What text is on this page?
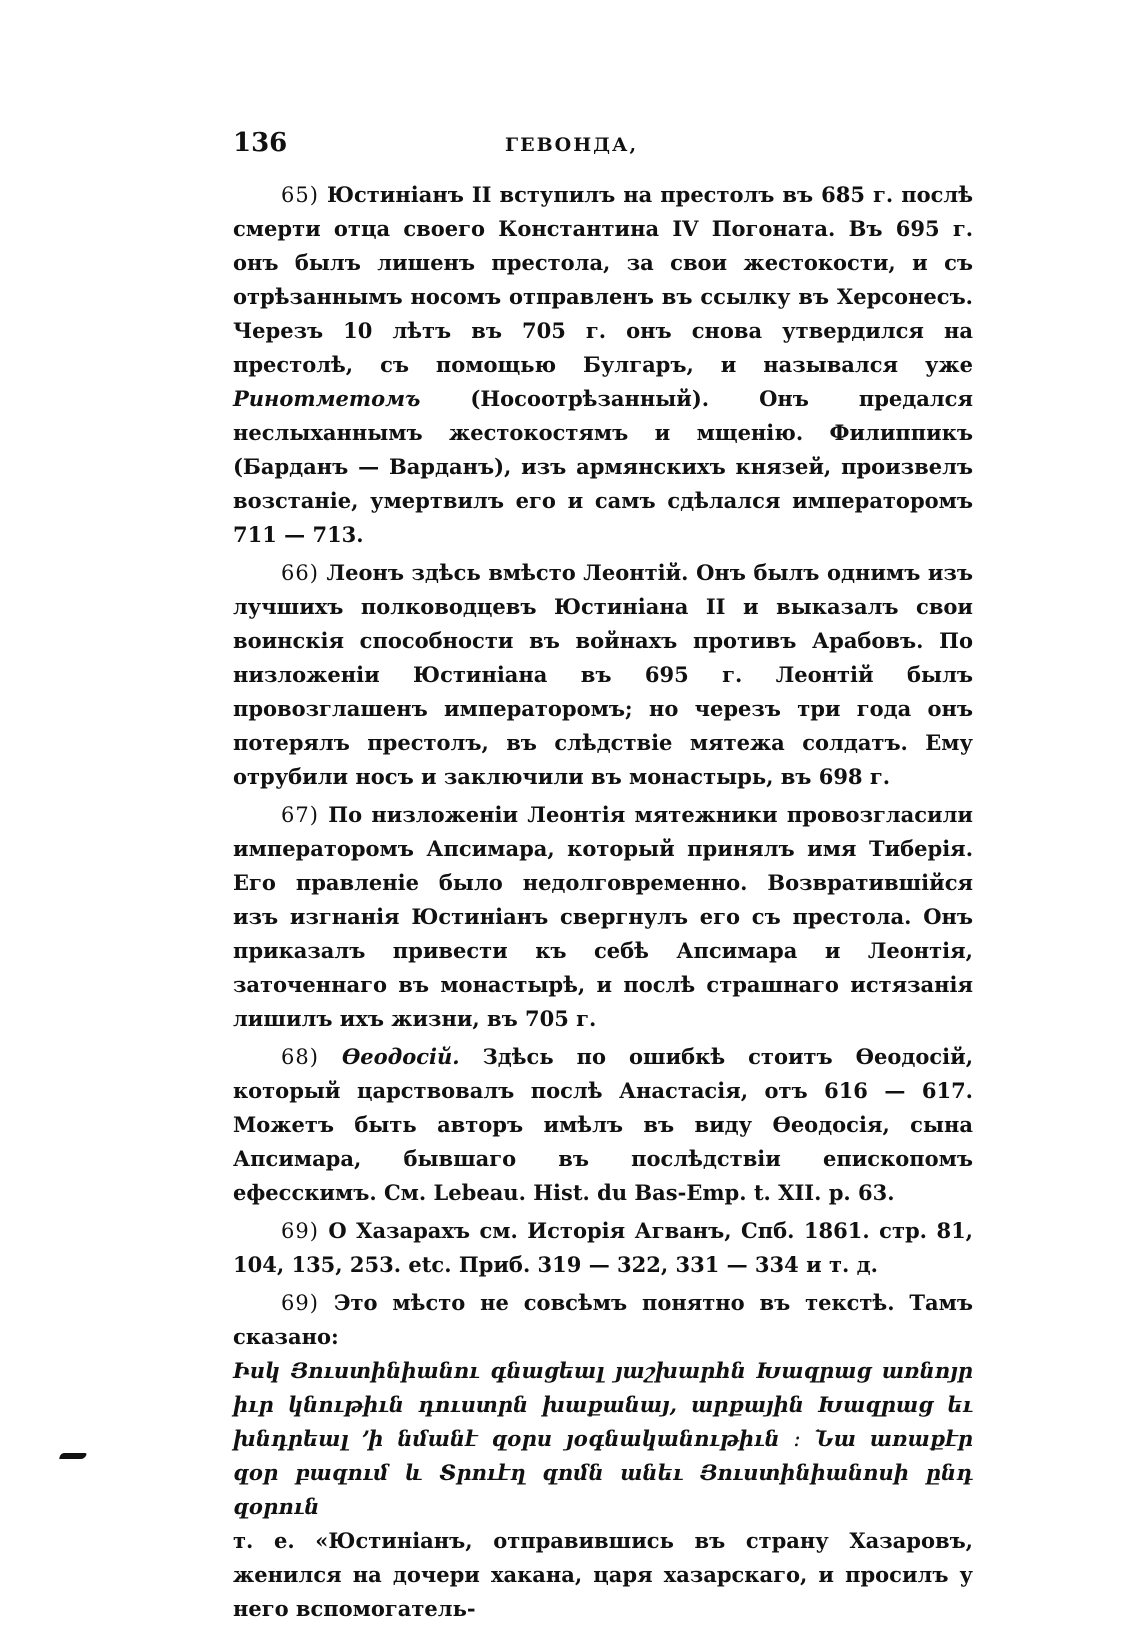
136	ГЕВОНДА,

65) Юстиніанъ II вступилъ на престолъ въ 685 г. послѣ смерти отца своего Константина IV Погоната. Въ 695 г. онъ былъ лишенъ престола, за свои жестокости, и съ отрѣзаннымъ носомъ отправленъ въ ссылку въ Херсонесъ. Черезъ 10 лѣтъ въ 705 г. онъ снова утвердился на престолѣ, съ помощью Булгаръ, и назывался уже Ринотметомъ (Носоотрѣзанный). Онъ предался неслыханнымъ жестокостямъ и мщенію. Филиппикъ (Барданъ — Варданъ), изъ армянскихъ князей, произвелъ возстаніе, умертвилъ его и самъ сдѣлался императоромъ 711 — 713.

66) Леонъ здѣсь вмѣсто Леонтій. Онъ былъ однимъ изъ лучшихъ полководцевъ Юстиніана II и выказалъ свои воинскія способности въ войнахъ противъ Арабовъ. По низложеніи Юстиніана въ 695 г. Леонтій былъ провозглашенъ императоромъ; но черезъ три года онъ потерялъ престолъ, въ слѣдствіе мятежа солдатъ. Ему отрубили носъ и заключили въ монастырь, въ 698 г.

67) По низложеніи Леонтія мятежники провозгласили императоромъ Апсимара, который принялъ имя Тиберія. Его правленіе было недолговременно. Возвратившійся изъ изгнанія Юстиніанъ свергнулъ его съ престола. Онъ приказалъ привести къ себѣ Апсимара и Леонтія, заточеннаго въ монастырѣ, и послѣ страшнаго истязанія лишилъ ихъ жизни, въ 705 г.

68) Өеодосій. Здѣсь по ошибкѣ стоитъ Өеодосій, который царствовалъ послѣ Анастасія, отъ 616 — 617. Можетъ быть авторъ имѣлъ въ виду Өеодосія, сына Апсимара, бывшаго въ послѣдствіи епископомъ ефесскимъ. См. Lebeau. Hist. du Bas-Emp. t. XII. p. 63.

69) О Хазарахъ см. Исторія Агванъ, Спб. 1861. стр. 81, 104, 135, 253. etc. Приб. 319 — 322, 331 — 334 и т. д.

69) Это мѣсто не совсѣмъ понятно въ текстѣ. Тамъ сказано:

Իսկ Յուստինիանու գնացեալ յաշխարհն Խազրաց առնոյր իւր կնութիւն դուստրն խաքանայ, արքային Խազրաց եւ խնդրեալ ՚ի նմանէ զօրս յօգնականութիւն ։ Նա առաքէր զօր բազում և Տրուէղ զոմն անեւ Յուստինիանոսի ընդ զօրուն

т. е. «Юстиніанъ, отправившись въ страну Хазаровъ, женился на дочери хакана, царя хазарскаго, и просилъ у него вспомогатель-
